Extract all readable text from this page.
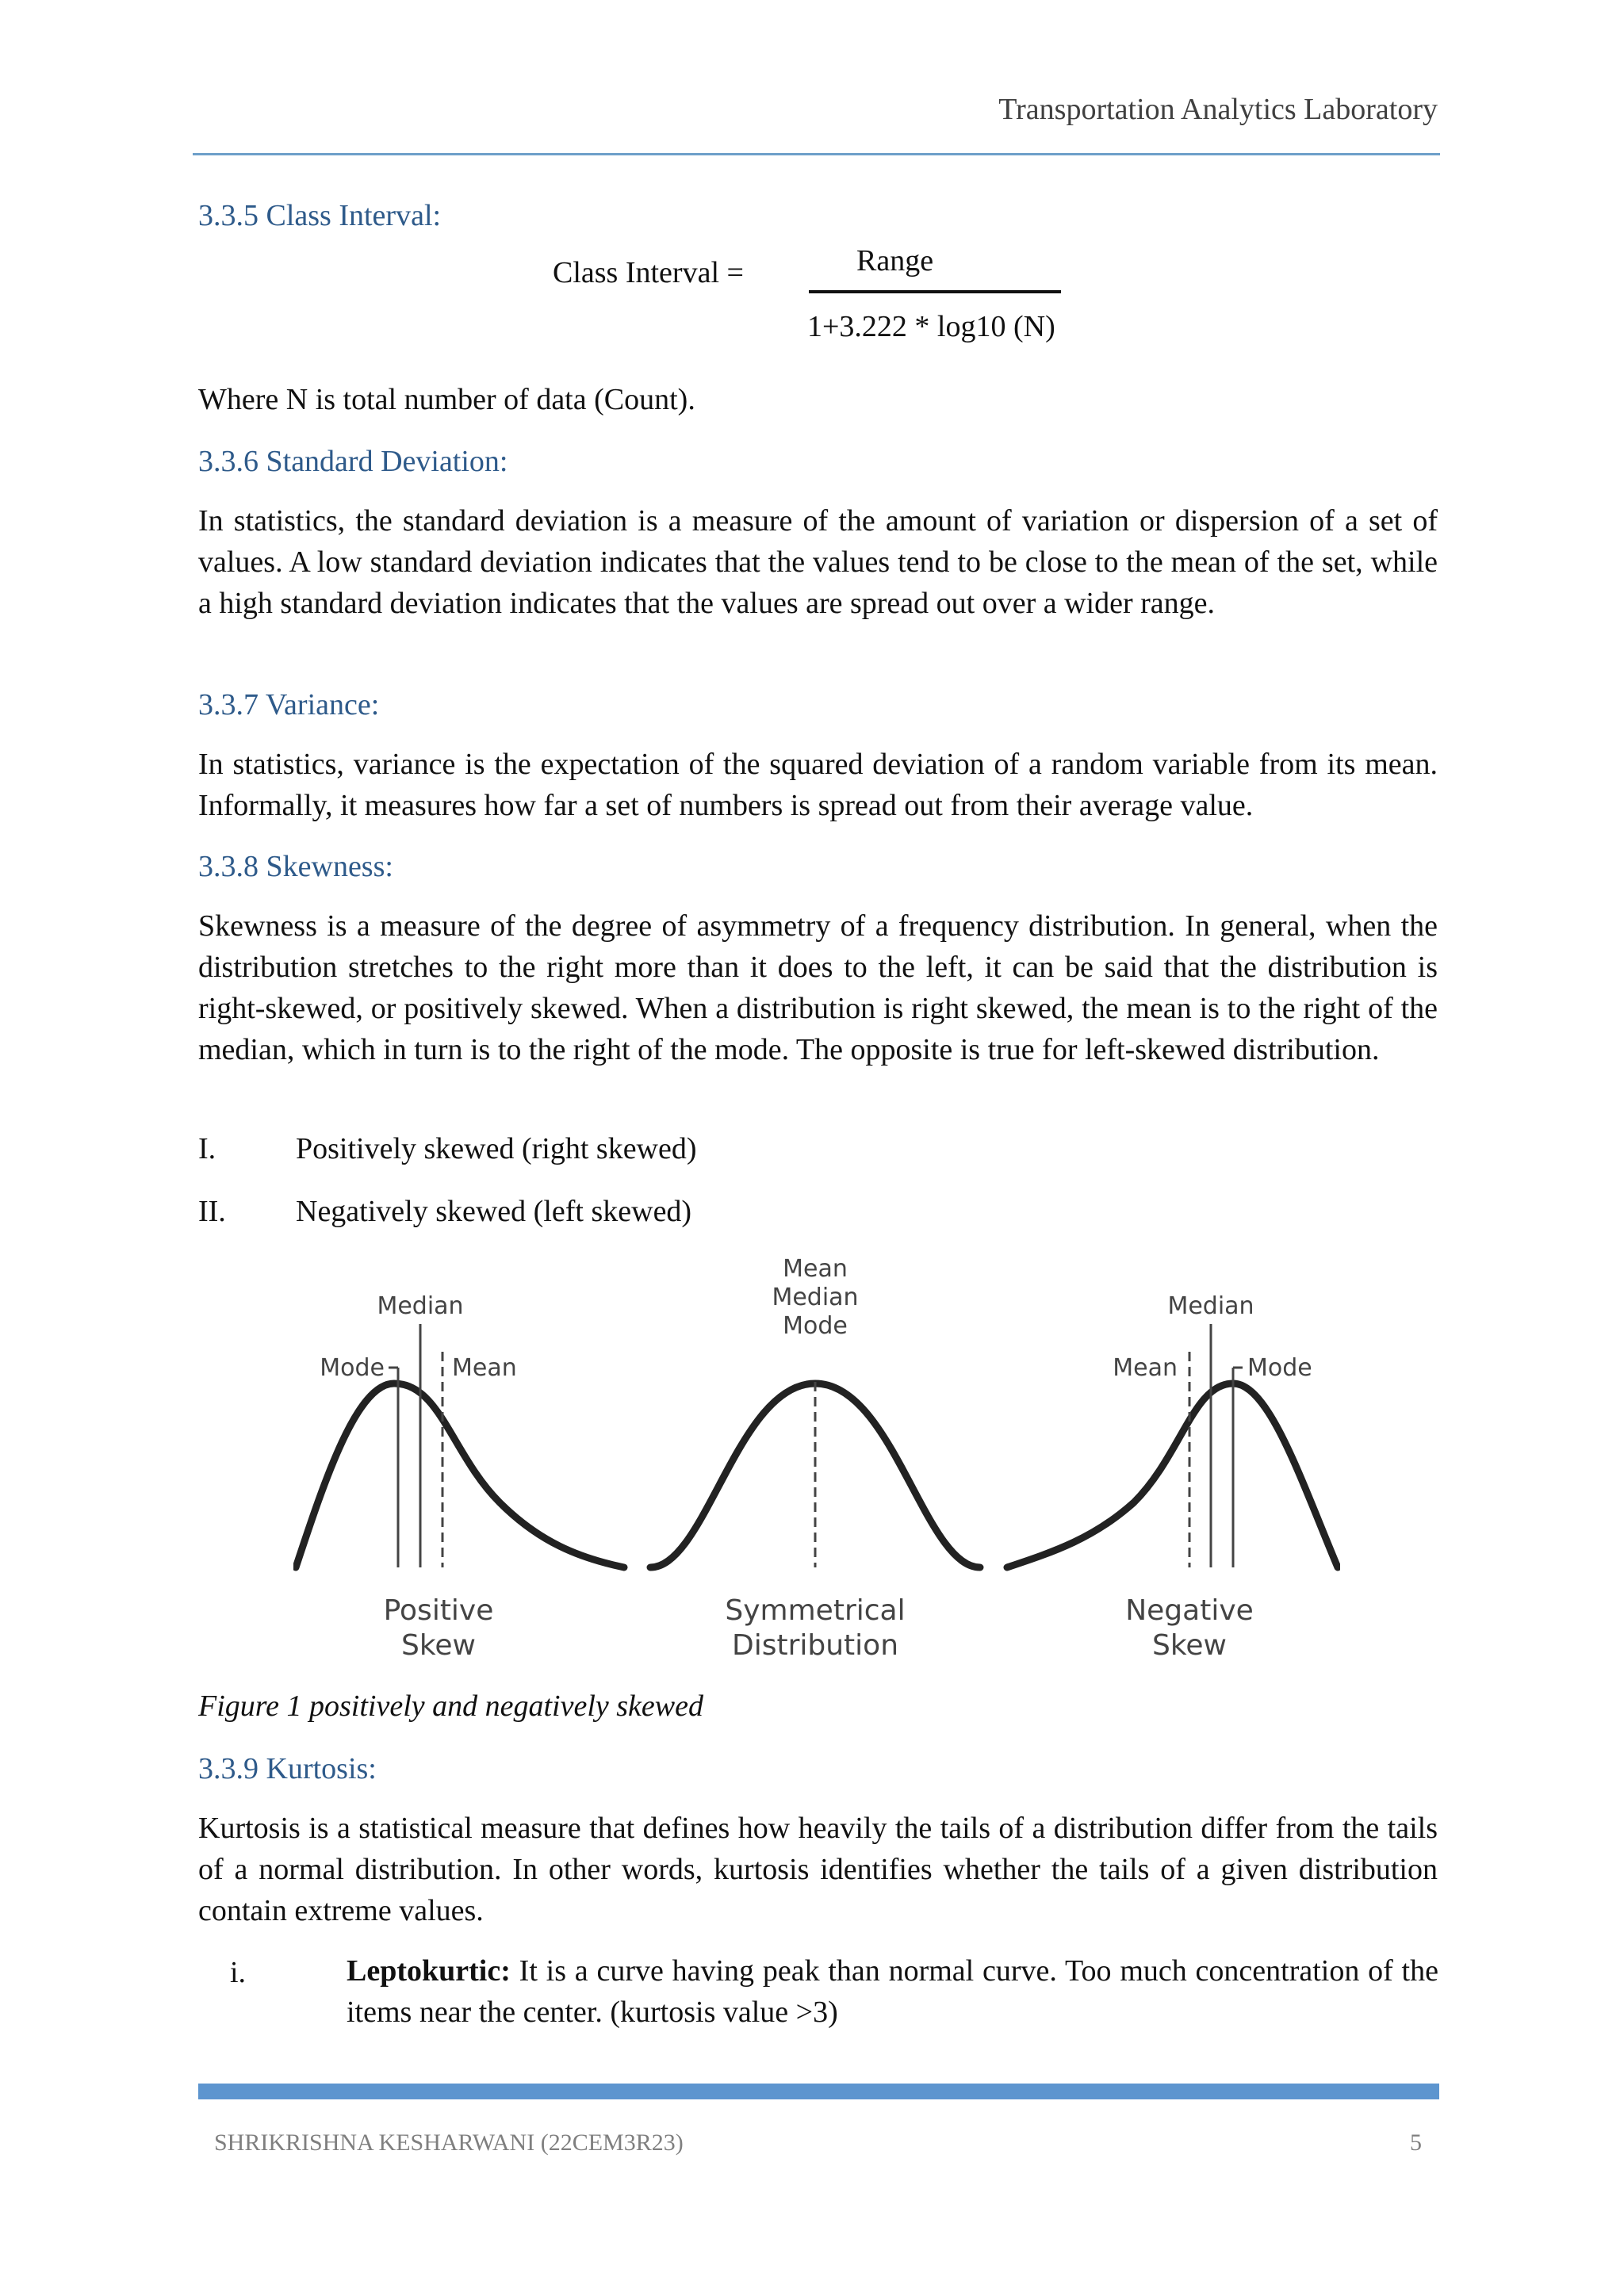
Transportation Analytics Laboratory
3.3.5 Class Interval:
Class Interval =	Range
1+3.222 * log10 (N)
Where N is total number of data (Count).
3.3.6 Standard Deviation:

In statistics, the standard deviation is a measure of the amount of variation or dispersion of a set of values. A low standard deviation indicates that the values tend to be close to the mean of the set, while a high standard deviation indicates that the values are spread out over a wider range.

3.3.7 Variance:

In statistics, variance is the expectation of the squared deviation of a random variable from its mean. Informally, it measures how far a set of numbers is spread out from their average value.

3.3.8 Skewness:

Skewness is a measure of the degree of asymmetry of a frequency distribution. In general, when the distribution stretches to the right more than it does to the left, it can be said that the distribution is right-skewed, or positively skewed. When a distribution is right skewed, the mean is to the right of the median, which in turn is to the right of the mode. The opposite is true for left-skewed distribution.

I.	Positively skewed (right skewed)
II. Negatively skewed (left skewed)
Median
Mode	Mean
Positive
Skew
Mean
Median
Mode
Symmetrical
Distribution
Median
Mean	Mode
Negative
Skew
Figure 1 positively and negatively skewed
3.3.9 Kurtosis:

Kurtosis is a statistical measure that defines how heavily the tails of a distribution differ from the tails of a normal distribution. In other words, kurtosis identifies whether the tails of a given distribution contain extreme values.

i.	Leptokurtic: It is a curve having peak than normal curve. Too much concentration of the items near the center. (kurtosis value >3)

SHRIKRISHNA KESHARWANI (22CEM3R23)	5
